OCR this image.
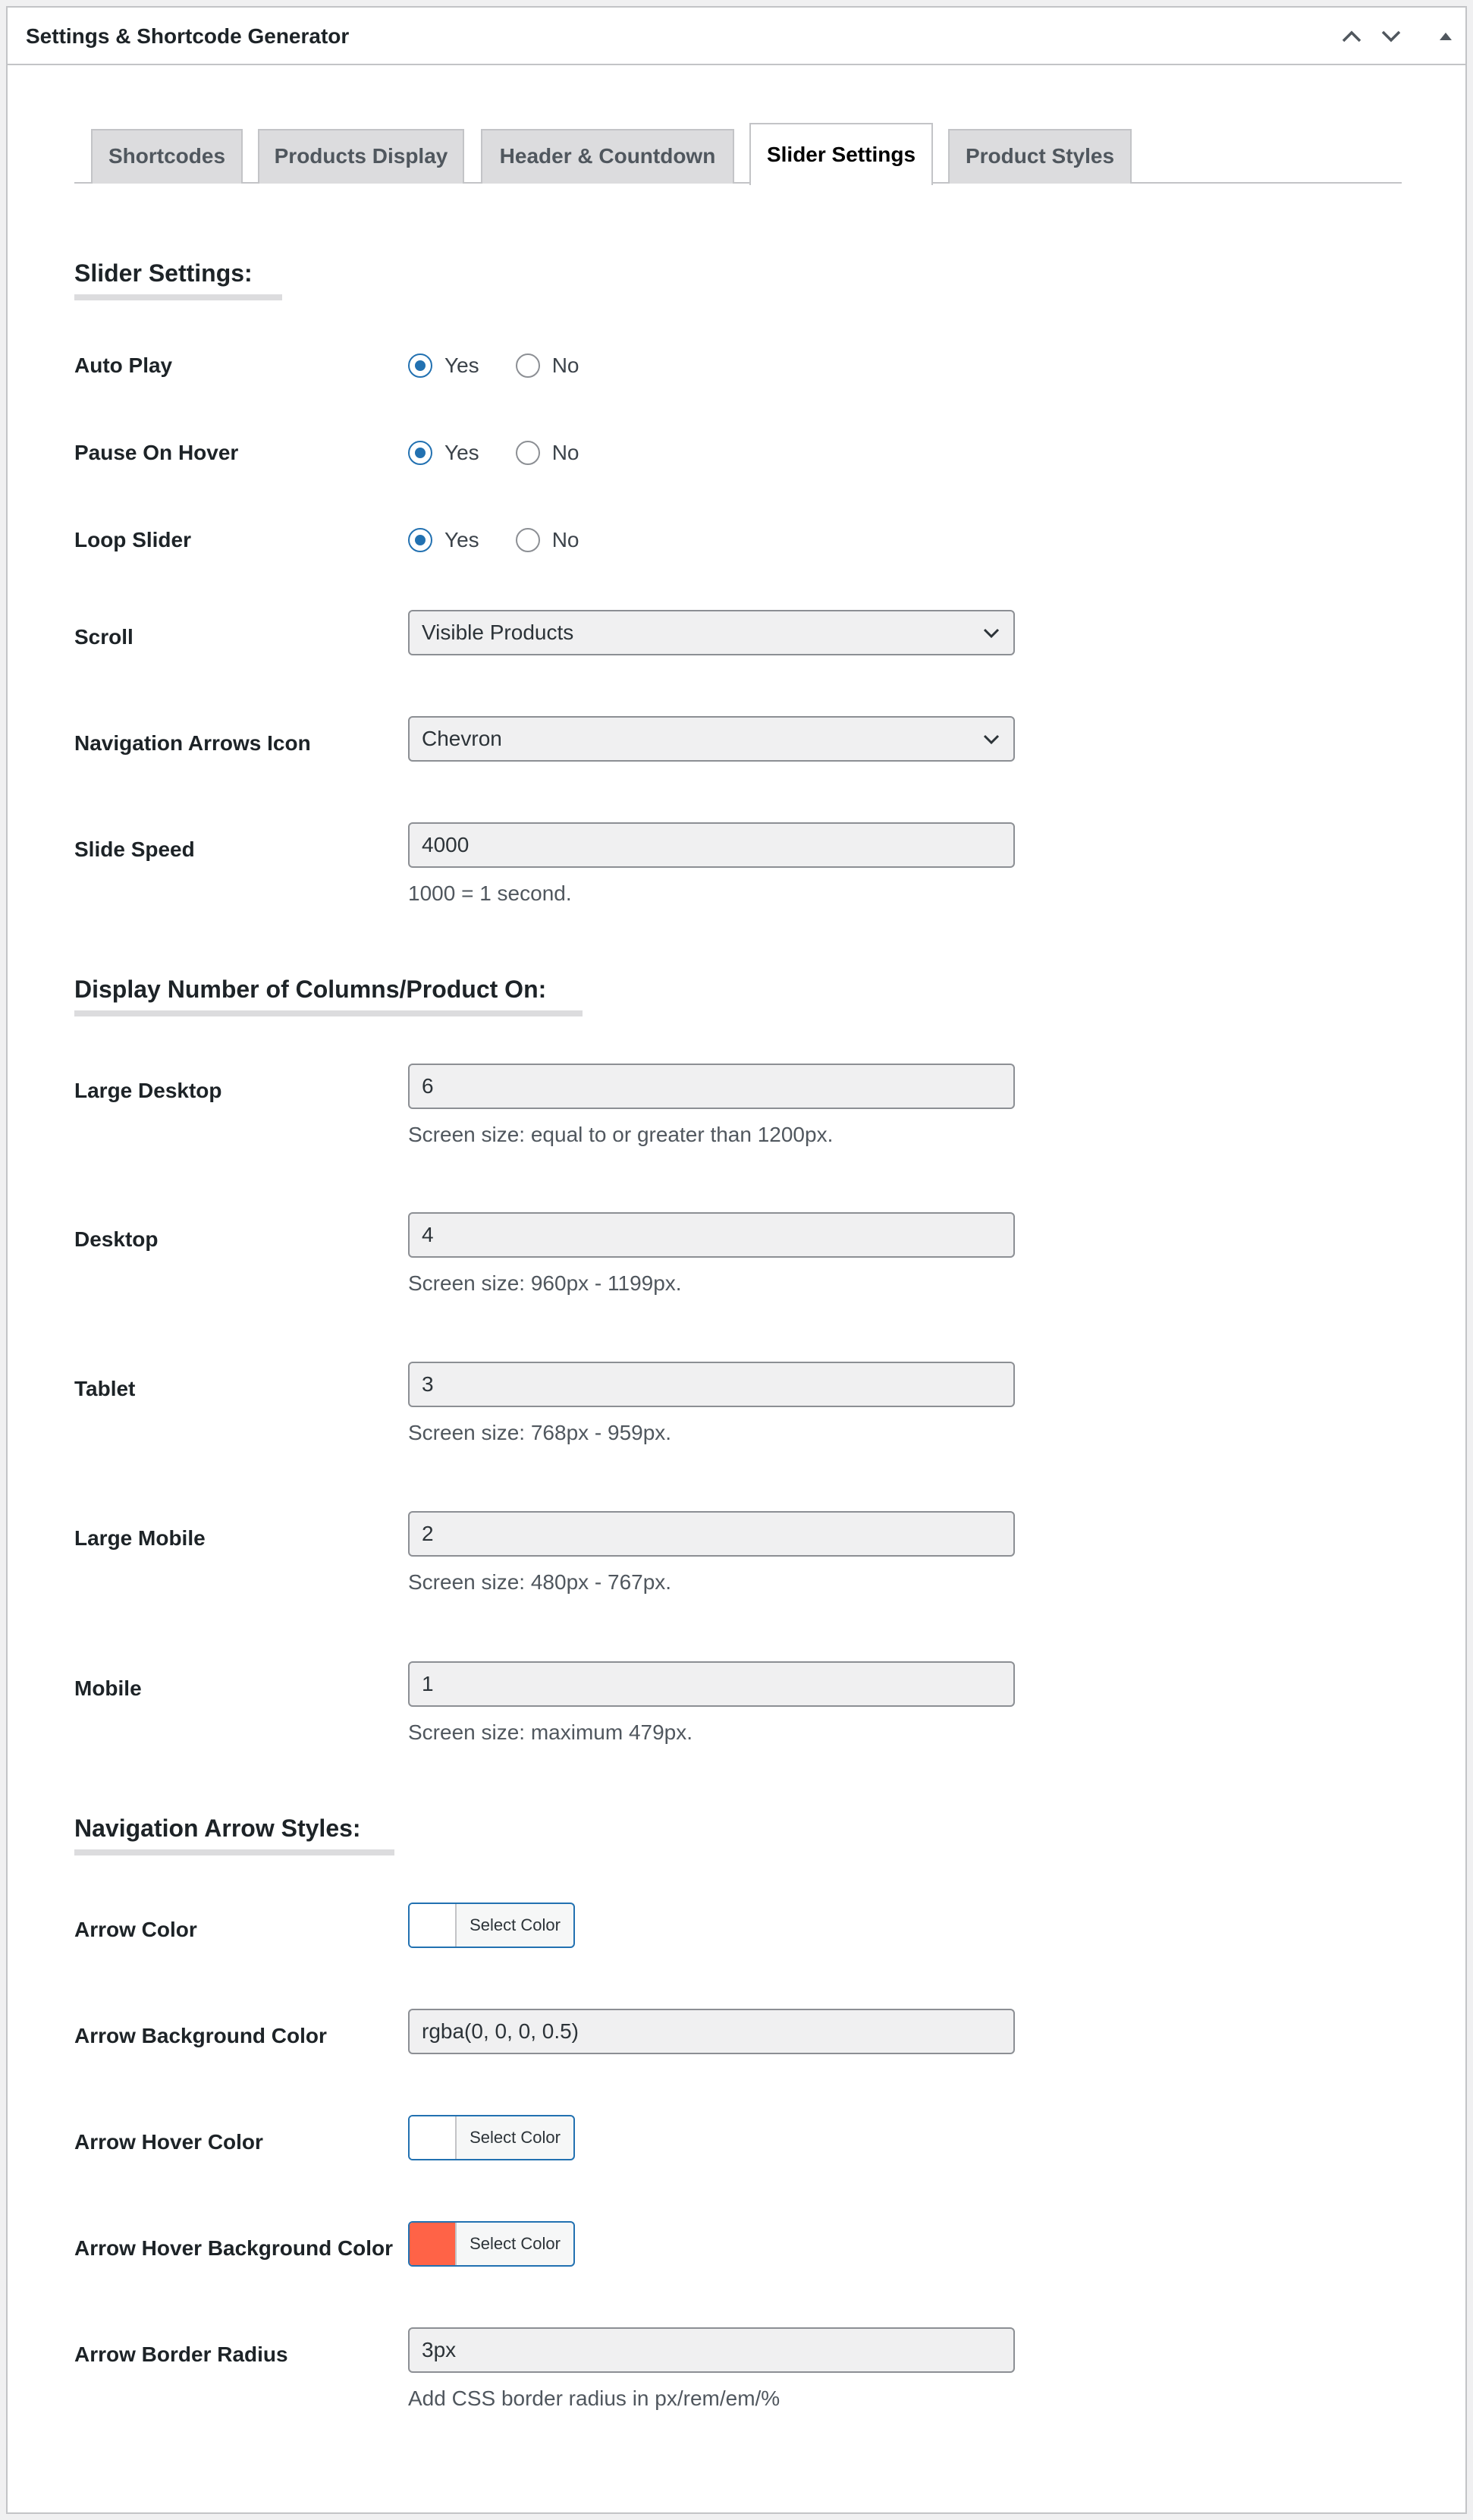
Settings & Shortcode Generator
Shortcodes	Products Display	Header & Countdown	Slider Settings	Product Styles
Slider Settings:
Auto Play	Yes	No
Pause On Hover	Yes	No
Loop Slider	Yes	No
Scroll	Visible Products
Navigation Arrows Icon	Chevron
Slide Speed	4000
1000 = 1 second.
Display Number of Columns/Product On:
Large Desktop	6
Screen size: equal to or greater than 1200px.
Desktop	4
Screen size: 960px - 1199px.
Tablet	3
Screen size: 768px - 959px.
Large Mobile	2
Screen size: 480px - 767px.
Mobile	1
Screen size: maximum 479px.
Navigation Arrow Styles:
Arrow Color	Select Color
Arrow Background Color	rgba(0, 0, 0, 0.5)
Arrow Hover Color	Select Color
Arrow Hover Background Color	Select Color
Arrow Border Radius	3px
Add CSS border radius in px/rem/em/%
